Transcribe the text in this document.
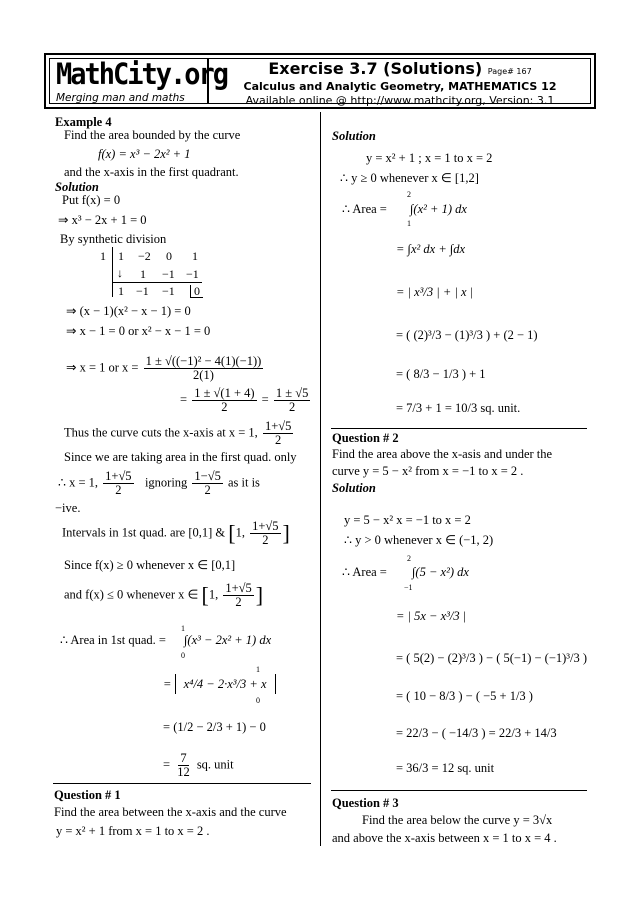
MathCity.org
Merging man and maths
Exercise 3.7 (Solutions) Page# 167
Calculus and Analytic Geometry, MATHEMATICS 12
Available online @ http://www.mathcity.org, Version: 3.1
Example 4
Find the area bounded by the curve
f(x) = x³ − 2x² + 1
and the x-axis in the first quadrant.
Solution
Put f(x) = 0
⇒ x³ − 2x + 1 = 0
By synthetic division
1 1 −2 0 1
↓ 1 −1 −1
1 −1 −1	0
⇒ (x − 1)(x² − x − 1) = 0
⇒ x − 1 = 0 or x² − x − 1 = 0
⇒ x = 1 or $x = \frac{\text{1 ± √((−1)² − 4(1)(−1))}}{2(1)}$
= $\frac{1 \pm √(1 + 4)}{2} = \frac{1 \pm √5}{2}$
Thus the curve cuts the x-axis at x = 1, $\frac{1+√5}{2}$
Since we are taking area in the first quad. only
∴ x = 1, $\frac{1+√5}{2}$ ignoring $\frac{1-√5}{2}$ as it is
−ive.
Intervals in 1st quad. are [0,1] & [1, $\frac{1+√5}{2}$ ]
Since f(x) ≥ 0 whenever x ∈ [0,1]
and f(x) ≤ 0 whenever x ∈ [1, $\frac{1+√5}{2}$ ]
∴ Area in 1st quad. =
1
0
∫(x³ − 2x² + 1) dx
= x⁴/4 − 2·x³/3 + x
1
0
= (1/2 − 2/3 + 1) − 0
= $\frac{7}{12}$ sq. unit
Question # 1
Find the area between the x-axis and the curve
y = x² + 1 from x = 1 to x = 2 .
Solution
y = x² + 1 ; x = 1 to x = 2
∴ y ≥ 0 whenever x ∈ [1,2]
∴ Area =
2
1
∫(x² + 1) dx
= ∫x² dx + ∫dx
= | x³/3 | + | x |
= ( (2)³/3 − (1)³/3 ) + (2 − 1)
= ( 8/3 − 1/3 ) + 1
= 7/3 + 1 = 10/3 sq. unit.
Question # 2
Find the area above the x-asis and under the
curve y = 5 − x² from x = −1 to x = 2 .
Solution
y = 5 − x² x = −1 to x = 2
∴ y > 0 whenever x ∈ (−1, 2)
∴ Area =
2
−1
∫(5 − x²) dx
= | 5x − x³/3 |
= ( 5(2) − (2)³/3 ) − ( 5(−1) − (−1)³/3 )
= ( 10 − 8/3 ) − ( −5 + 1/3 )
= 22/3 − ( −14/3 ) = 22/3 + 14/3
= 36/3 = 12 sq. unit
Question # 3
Find the area below the curve y = 3√x
and above the x-axis between x = 1 to x = 4 .
